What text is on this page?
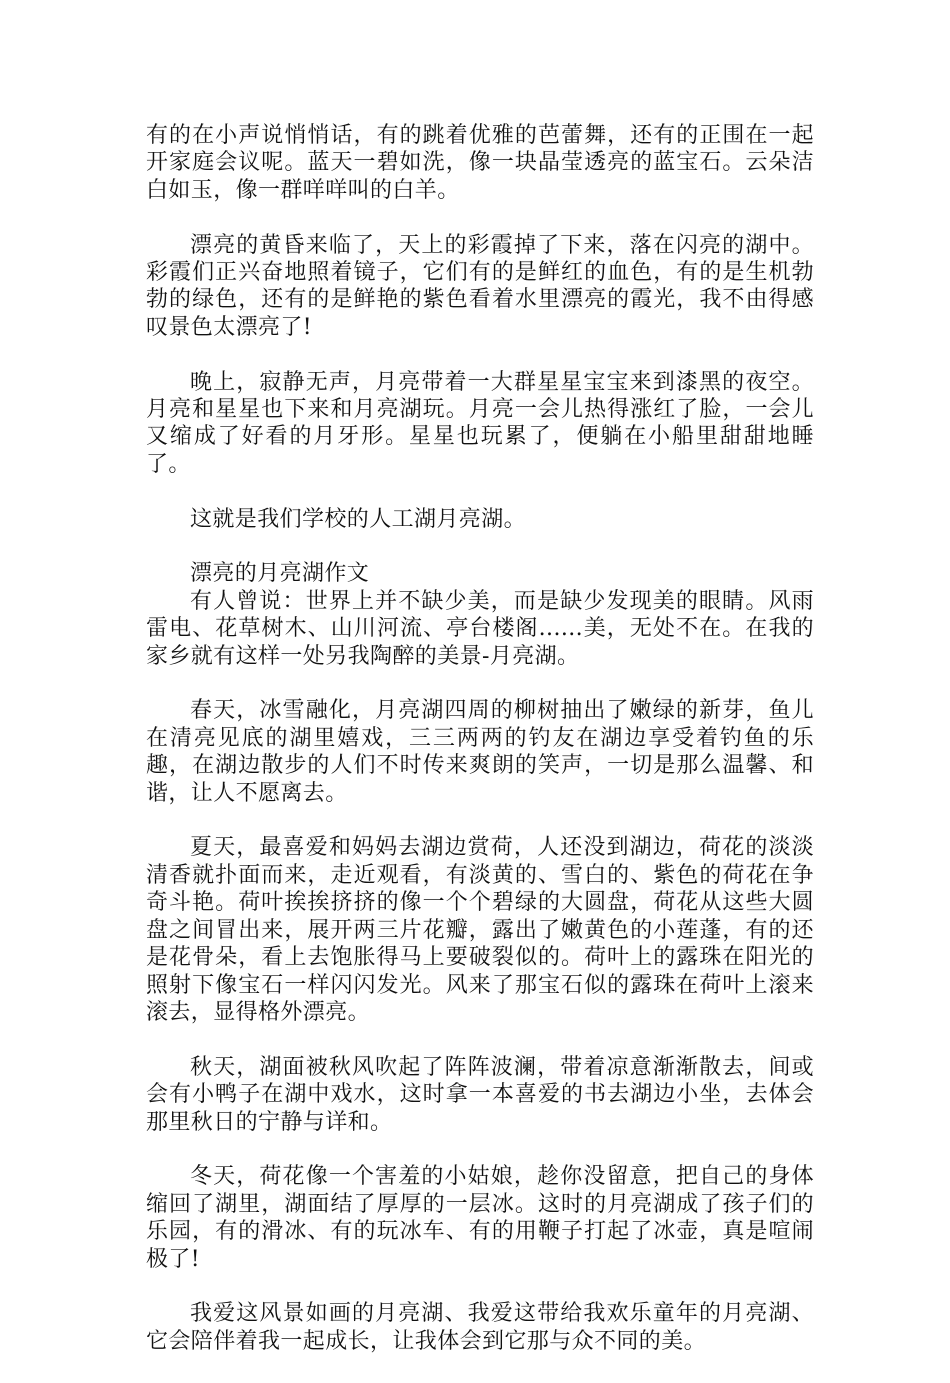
有的在小声说悄悄话，有的跳着优雅的芭蕾舞，还有的正围在一起开家庭会议呢。蓝天一碧如洗，像一块晶莹透亮的蓝宝石。云朵洁白如玉，像一群咩咩叫的白羊。

漂亮的黄昏来临了，天上的彩霞掉了下来，落在闪亮的湖中。彩霞们正兴奋地照着镜子，它们有的是鲜红的血色，有的是生机勃勃的绿色，还有的是鲜艳的紫色看着水里漂亮的霞光，我不由得感叹景色太漂亮了!

晚上，寂静无声，月亮带着一大群星星宝宝来到漆黑的夜空。月亮和星星也下来和月亮湖玩。月亮一会儿热得涨红了脸，一会儿又缩成了好看的月牙形。星星也玩累了，便躺在小船里甜甜地睡了。

这就是我们学校的人工湖月亮湖。

漂亮的月亮湖作文

有人曾说：世界上并不缺少美，而是缺少发现美的眼睛。风雨雷电、花草树木、山川河流、亭台楼阁......美，无处不在。在我的家乡就有这样一处另我陶醉的美景-月亮湖。

春天，冰雪融化，月亮湖四周的柳树抽出了嫩绿的新芽，鱼儿在清亮见底的湖里嬉戏，三三两两的钓友在湖边享受着钓鱼的乐趣，在湖边散步的人们不时传来爽朗的笑声，一切是那么温馨、和谐，让人不愿离去。

夏天，最喜爱和妈妈去湖边赏荷，人还没到湖边，荷花的淡淡清香就扑面而来，走近观看，有淡黄的、雪白的、紫色的荷花在争奇斗艳。荷叶挨挨挤挤的像一个个碧绿的大圆盘，荷花从这些大圆盘之间冒出来，展开两三片花瓣，露出了嫩黄色的小莲蓬，有的还是花骨朵，看上去饱胀得马上要破裂似的。荷叶上的露珠在阳光的照射下像宝石一样闪闪发光。风来了那宝石似的露珠在荷叶上滚来滚去，显得格外漂亮。

秋天，湖面被秋风吹起了阵阵波澜，带着凉意渐渐散去，间或会有小鸭子在湖中戏水，这时拿一本喜爱的书去湖边小坐，去体会那里秋日的宁静与详和。

冬天，荷花像一个害羞的小姑娘，趁你没留意，把自己的身体缩回了湖里，湖面结了厚厚的一层冰。这时的月亮湖成了孩子们的乐园，有的滑冰、有的玩冰车、有的用鞭子打起了冰壶，真是喧闹极了!

我爱这风景如画的月亮湖、我爱这带给我欢乐童年的月亮湖、它会陪伴着我一起成长，让我体会到它那与众不同的美。
